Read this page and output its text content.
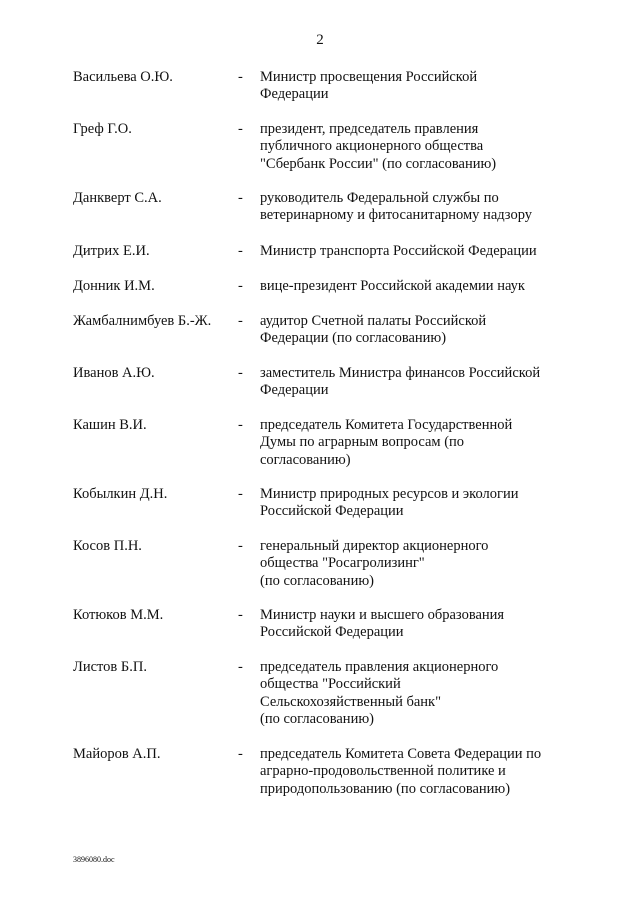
2
Васильева О.Ю.	- Министр просвещения Российской
Федерации
Греф Г.О.	- президент, председатель правления
публичного акционерного общества
"Сбербанк России" (по согласованию)
Данкверт С.А.	- руководитель Федеральной службы по
ветеринарному и фитосанитарному надзору
Дитрих Е.И.	- Министр транспорта Российской Федерации
Донник И.М.	- вице-президент Российской академии наук
Жамбалнимбуев Б.-Ж. - аудитор Счетной палаты Российской
Федерации (по согласованию)
Иванов А.Ю.	- заместитель Министра финансов Российской
Федерации
Кашин В.И.	- председатель Комитета Государственной
Думы по аграрным вопросам (по
согласованию)
Кобылкин Д.Н.	- Министр природных ресурсов и экологии
Российской Федерации
Косов П.Н.	- генеральный директор акционерного
общества "Росагролизинг"
(по согласованию)
Котюков М.М.	- Министр науки и высшего образования
Российской Федерации
Листов Б.П.	- председатель правления акционерного
общества "Российский
Сельскохозяйственный банк"
(по согласованию)
Майоров А.П.	- председатель Комитета Совета Федерации по
аграрно-продовольственной политике и
природопользованию (по согласованию)
3896080.doc
